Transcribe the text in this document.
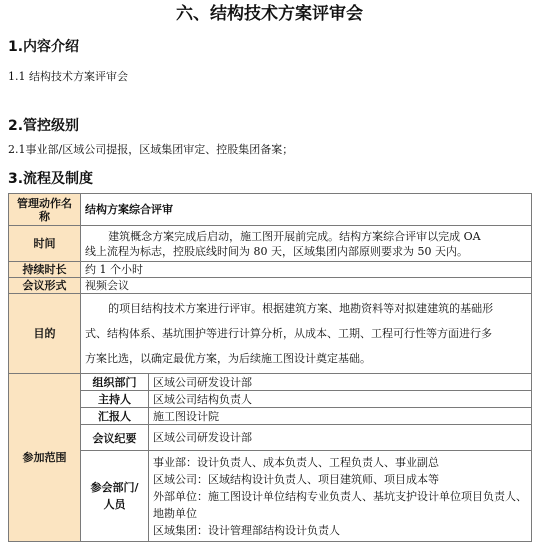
六、结构技术方案评审会
1.内容介绍
1.1 结构技术方案评审会
2.管控级别
2.1事业部/区域公司提报，区域集团审定、控股集团备案；
3.流程及制度
管理动作名称	结构方案综合评审	
时间	建筑概念方案完成后启动，施工图开展前完成。结构方案综合评审以完成 OA
线上流程为标志，控股底线时间为 80 天，区域集团内部原则要求为 50 天内。	

持续时长	约 1 个小时	
会议形式	视频会议	
目的	的项目结构技术方案进行评审。根据建筑方案、地勘资料等对拟建建筑的基础形
式、结构体系、基坑围护等进行计算分析，从成本、工期、工程可行性等方面进行多
方案比选，以确定最优方案，为后续施工图设计奠定基础。	

参加范围	组织部门	区域公司研发设计部
	主持人	区域公司结构负责人
	汇报人	施工图设计院
	会议纪要	区域公司研发设计部
	参会部门/人员	事业部：设计负责人、成本负责人、工程负责人、事业副总
区域公司：区域结构设计负责人、项目建筑师、项目成本等
外部单位：施工图设计单位结构专业负责人、基坑支护设计单位项目负责人、
地勘单位
区域集团：设计管理部结构设计负责人
